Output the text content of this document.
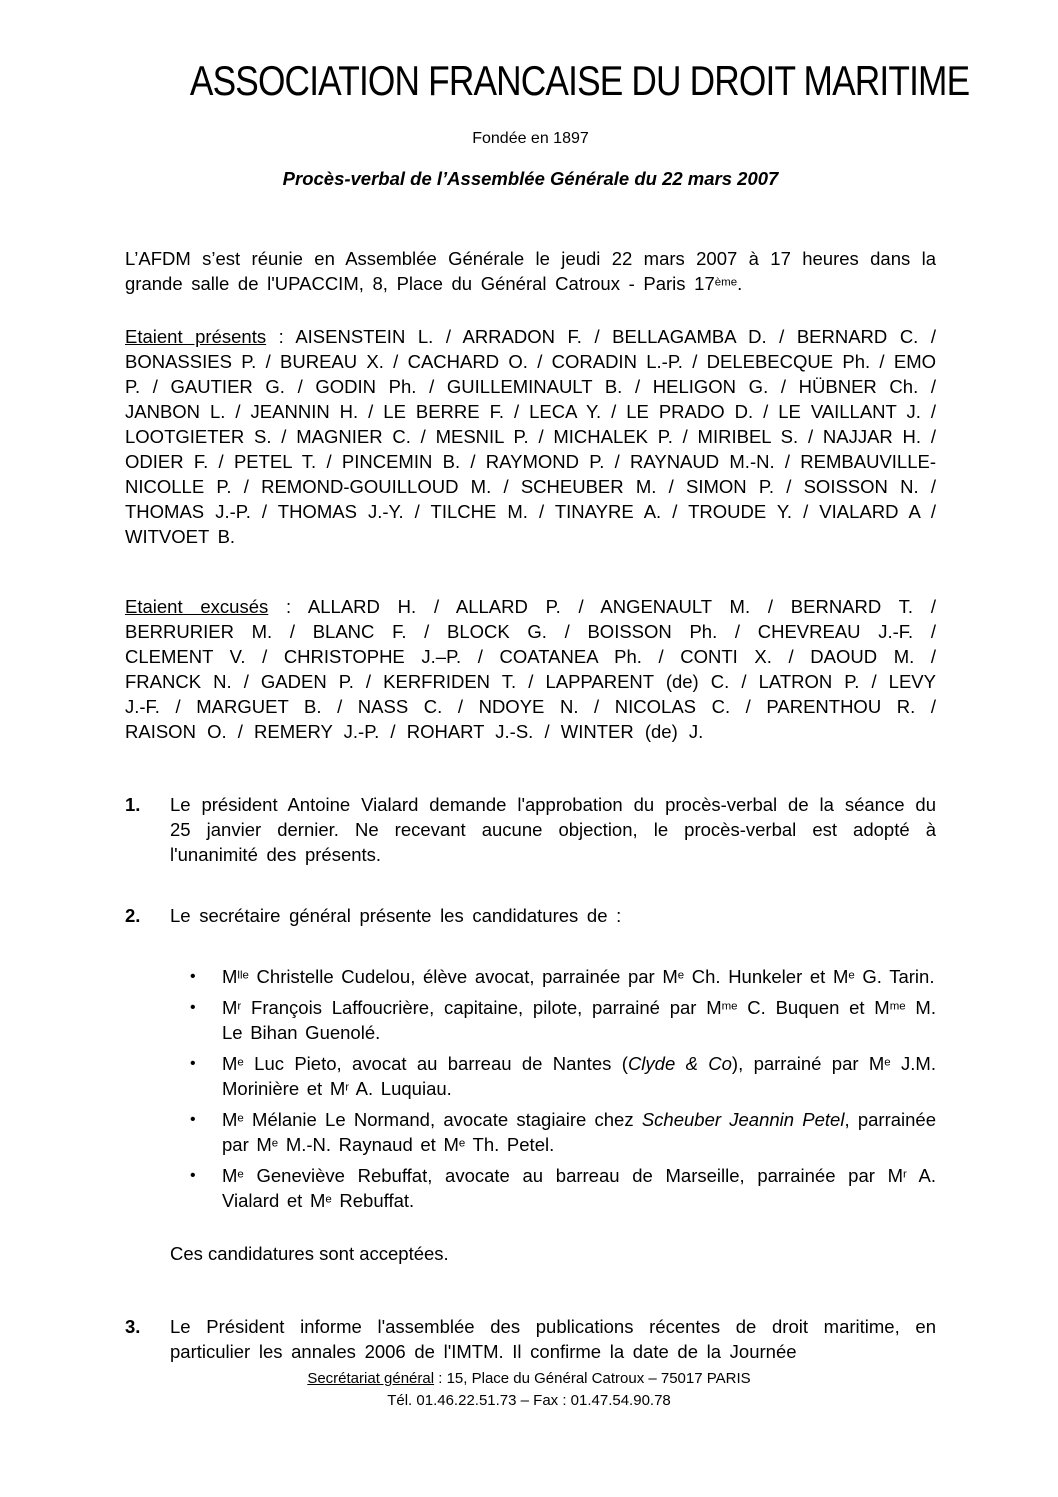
ASSOCIATION FRANCAISE DU DROIT MARITIME
Fondée en 1897
Procès-verbal de l’Assemblée Générale du 22 mars 2007

L’AFDM s’est réunie en Assemblée Générale le jeudi 22 mars 2007 à 17 heures dans la grande salle de l'UPACCIM, 8, Place du Général Catroux - Paris 17ème.

Etaient présents : AISENSTEIN L. / ARRADON F. / BELLAGAMBA D. / BERNARD C. / BONASSIES P. / BUREAU X. / CACHARD O. / CORADIN L.-P. / DELEBECQUE Ph. / EMO P. / GAUTIER G. / GODIN Ph. / GUILLEMINAULT B. / HELIGON G. / HÜBNER Ch. / JANBON L. / JEANNIN H. / LE BERRE F. / LECA Y. / LE PRADO D. / LE VAILLANT J. / LOOTGIETER S. / MAGNIER C. / MESNIL P. / MICHALEK P. / MIRIBEL S. / NAJJAR H. / ODIER F. / PETEL T. / PINCEMIN B. / RAYMOND P. / RAYNAUD M.-N. / REMBAUVILLE-NICOLLE P. / REMOND-GOUILLOUD M. / SCHEUBER M. / SIMON P. / SOISSON N. / THOMAS J.-P. / THOMAS J.-Y. / TILCHE M. / TINAYRE A. / TROUDE Y. / VIALARD A / WITVOET B.

Etaient excusés : ALLARD H. / ALLARD P. / ANGENAULT M. / BERNARD T. / BERRURIER M. / BLANC F. / BLOCK G. / BOISSON Ph. / CHEVREAU J.-F. / CLEMENT V. / CHRISTOPHE J.–P. / COATANEA Ph. / CONTI X. / DAOUD M. / FRANCK N. / GADEN P. / KERFRIDEN T. / LAPPARENT (de) C. / LATRON P. / LEVY J.-F. / MARGUET B. / NASS C. / NDOYE N. / NICOLAS C. / PARENTHOU R. / RAISON O. / REMERY J.-P. / ROHART J.-S. / WINTER (de) J.

1.	Le président Antoine Vialard demande l'approbation du procès-verbal de la séance du 25 janvier dernier. Ne recevant aucune objection, le procès-verbal est adopté à l'unanimité des présents.
2.	Le secrétaire général présente les candidatures de :
•	$M^{lle}$ Christelle Cudelou, élève avocat, parrainée par Me Ch. Hunkeler et Me G. Tarin.
•	$M^r$ François Laffoucrière, capitaine, pilote, parrainé par $M^{me}$ C. Buquen et $M^{me}$ M. Le Bihan Guenolé.
•	Me Luc Pieto, avocat au barreau de Nantes (Clyde & Co), parrainé par Me J.M. Morinière et $M^r$ A. Luquiau.
•	Me Mélanie Le Normand, avocate stagiaire chez Scheuber Jeannin Petel, parrainée par Me M.-N. Raynaud et Me Th. Petel.
•	Me Geneviève Rebuffat, avocate au barreau de Marseille, parrainée par $M^r$ A. Vialard et Me Rebuffat.

Ces candidatures sont acceptées.

3.	Le Président informe l'assemblée des publications récentes de droit maritime, en particulier les annales 2006 de l'IMTM. Il confirme la date de la Journée
Secrétariat général : 15, Place du Général Catroux – 75017 PARIS
Tél. 01.46.22.51.73 – Fax : 01.47.54.90.78
